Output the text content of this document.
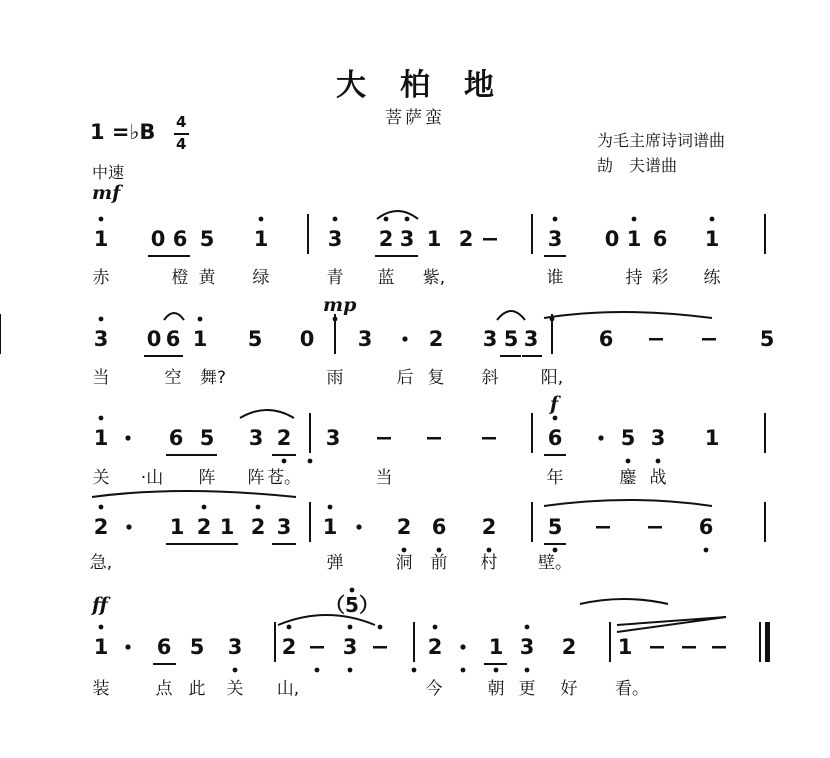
大柏地
菩萨蛮
1 =♭B 4
4	为毛主席诗词谱曲
劼　夫谱曲
中速
mf
mp
f
ff	（5）
1 0 6 5 1	3 2 3 1 2	3 0 1 6 1
赤	橙 黄 绿	青 蓝 紫,	谁	持 彩 练
3 0 6 1 5 0 3	2 3 5 3	6	5
当	空 舞?	雨	后 复 斜 阳,
1	6 5 3 2 3	6	5 3 1
关 ·山 阵 阵 苍。	当	年	鏖 战
2	1 2 1 2 3 1	2 6 2 5	6
急,	弹	洞 前 村 壁。
1 6 5 3 2 3	2 1 3 2 1
装	点 此 关 山,	今	朝 更 好 看。
